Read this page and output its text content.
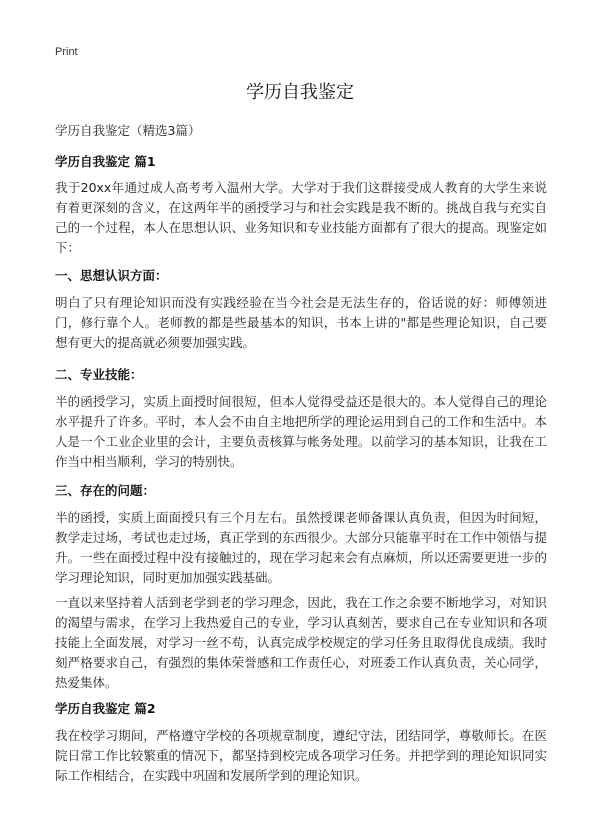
Print
学历自我鉴定
学历自我鉴定（精选3篇）
学历自我鉴定 篇1

我于20xx年通过成人高考考入温州大学。大学对于我们这群接受成人教育的大学生来说有着更深刻的含义，在这两年半的函授学习与和社会实践是我不断的。挑战自我与充实自己的一个过程，本人在思想认识、业务知识和专业技能方面都有了很大的提高。现鉴定如下：

一、思想认识方面：

明白了只有理论知识而没有实践经验在当今社会是无法生存的，俗话说的好：师傅领进门，修行靠个人。老师教的都是些最基本的知识，书本上讲的"都是些理论知识，自己要想有更大的提高就必须要加强实践。

二、专业技能：

半的函授学习，实质上面授时间很短，但本人觉得受益还是很大的。本人觉得自己的理论水平提升了许多。平时，本人会不由自主地把所学的理论运用到自己的工作和生活中。本人是一个工业企业里的会计，主要负责核算与帐务处理。以前学习的基本知识，让我在工作当中相当顺利，学习的特别快。

三、存在的问题：

半的函授，实质上面面授只有三个月左右。虽然授课老师备课认真负责，但因为时间短，教学走过场，考试也走过场，真正学到的东西很少。大部分只能靠平时在工作中领悟与提升。一些在面授过程中没有接触过的，现在学习起来会有点麻烦，所以还需要更进一步的学习理论知识，同时更加加强实践基础。

一直以来坚持着人活到老学到老的学习理念，因此，我在工作之余要不断地学习，对知识的渴望与需求，在学习上我热爱自己的专业，学习认真刻苦，要求自己在专业知识和各项技能上全面发展，对学习一丝不苟，认真完成学校规定的学习任务且取得优良成绩。我时刻严格要求自己，有强烈的集体荣誉感和工作责任心，对班委工作认真负责，关心同学，热爱集体。

学历自我鉴定 篇2

我在校学习期间，严格遵守学校的各项规章制度，遵纪守法，团结同学，尊敬师长。在医院日常工作比较繁重的情况下，都坚持到校完成各项学习任务。并把学到的理论知识同实际工作相结合，在实践中巩固和发展所学到的理论知识。
